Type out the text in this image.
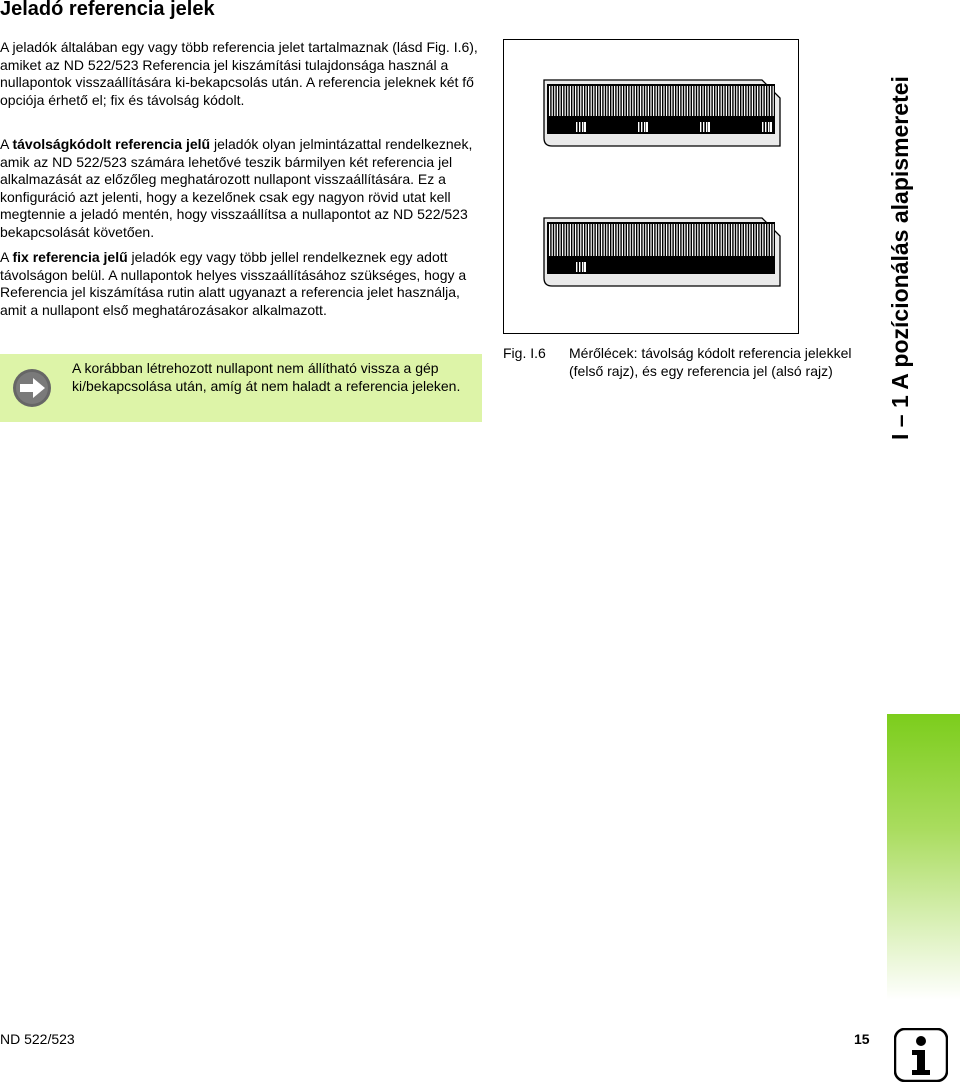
Jeladó referencia jelek

A jeladók általában egy vagy több referencia jelet tartalmaznak (lásd Fig. I.6), amiket az ND 522/523 Referencia jel kiszámítási tulajdonsága használ a nullapontok visszaállítására ki-bekapcsolás után. A referencia jeleknek két fő opciója érhető el; fix és távolság kódolt.

A távolságkódolt referencia jelű jeladók olyan jelmintázattal rendelkeznek, amik az ND 522/523 számára lehetővé teszik bármilyen két referencia jel alkalmazását az előzőleg meghatározott nullapont visszaállítására. Ez a konfiguráció azt jelenti, hogy a kezelőnek csak egy nagyon rövid utat kell megtennie a jeladó mentén, hogy visszaállítsa a nullapontot az ND 522/523 bekapcsolását követően.

A fix referencia jelű jeladók egy vagy több jellel rendelkeznek egy adott távolságon belül. A nullapontok helyes visszaállításához szükséges, hogy a Referencia jel kiszámítása rutin alatt ugyanazt a referencia jelet használja, amit a nullapont első meghatározásakor alkalmazott.

A korábban létrehozott nullapont nem állítható vissza a gép ki/bekapcsolása után, amíg át nem haladt a referencia jeleken.
Fig. I.6 Mérőlécek: távolság kódolt referencia jelekkel (felső rajz), és egy referencia jel (alsó rajz)	I – 1 A pozícionálás alapismeretei
ND 522/523	15
